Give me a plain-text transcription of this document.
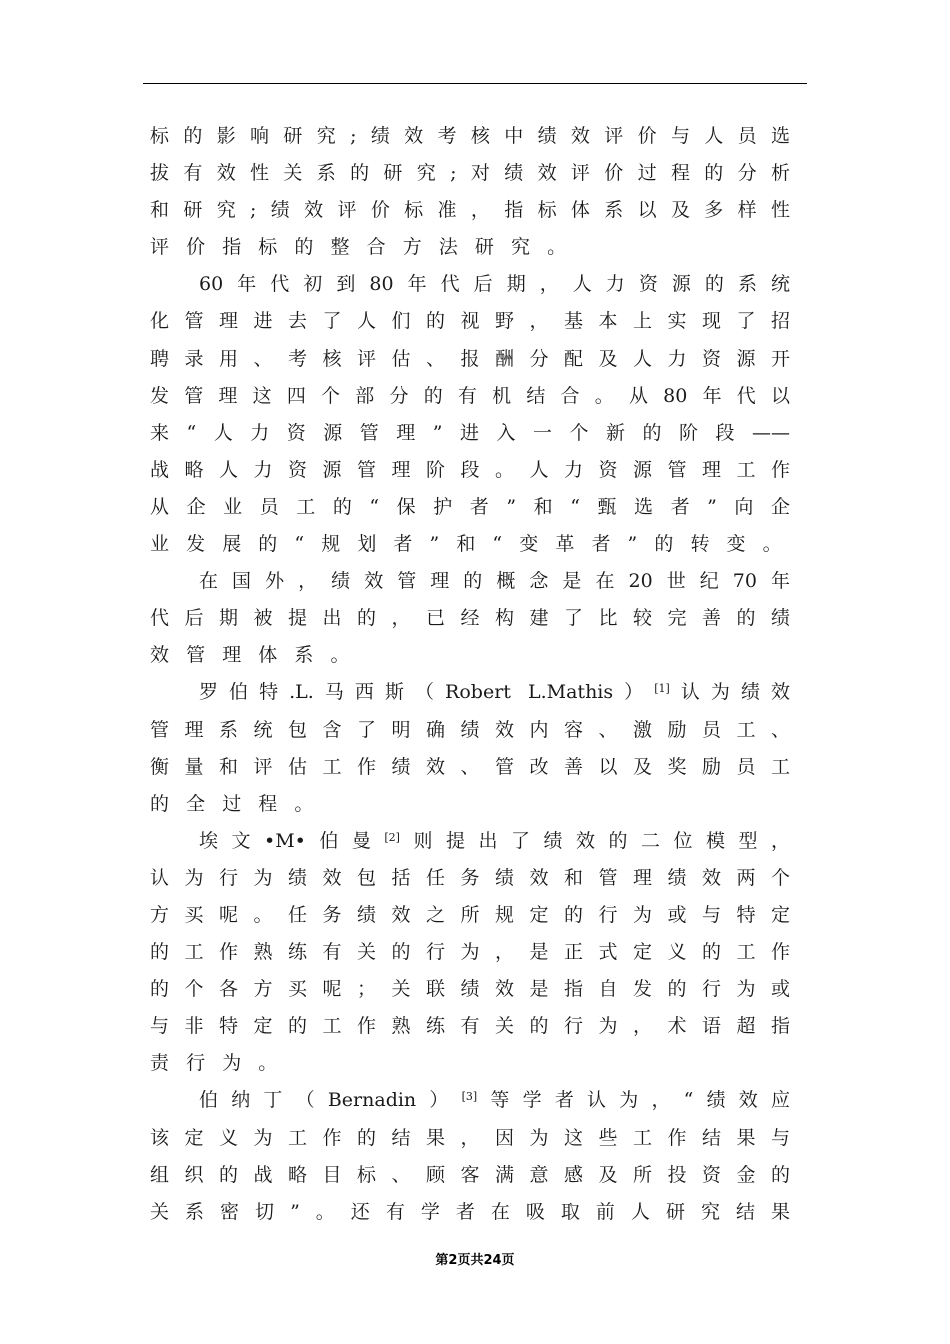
标的影响研究;绩效考核中绩效评价与人员选
拔有效性关系的研究;对绩效评价过程的分析
和研究;绩效评价标准，指标体系以及多样性
评价指标的整合方法研究。
60年代初到80年代后期，人力资源的系统
化管理进去了人们的视野，基本上实现了招
聘录用、考核评估、报酬分配及人力资源开
发管理这四个部分的有机结合。从80年代以
来“人力资源管理”进入一个新的阶段——
战略人力资源管理阶段。人力资源管理工作
从企业员工的“保护者”和“甄选者”向企
业发展的“规划者”和“变革者”的转变。
在国外，绩效管理的概念是在20世纪70年
代后期被提出的，已经构建了比较完善的绩
效管理体系。
罗伯特.L.马西斯（Robert L.Mathis）[1]认为绩效
管理系统包含了明确绩效内容、激励员工、
衡量和评估工作绩效、管改善以及奖励员工
的全过程。
埃文•M•伯曼[2]则提出了绩效的二位模型，
认为行为绩效包括任务绩效和管理绩效两个
方买呢。任务绩效之所规定的行为或与特定
的工作熟练有关的行为，是正式定义的工作
的个各方买呢；关联绩效是指自发的行为或
与非特定的工作熟练有关的行为，术语超指
责行为。
伯纳丁（Bernadin）[3]等学者认为，“绩效应
该定义为工作的结果，因为这些工作结果与
组织的战略目标、顾客满意感及所投资金的
关系密切”。还有学者在吸取前人研究结果
第2页共24页
